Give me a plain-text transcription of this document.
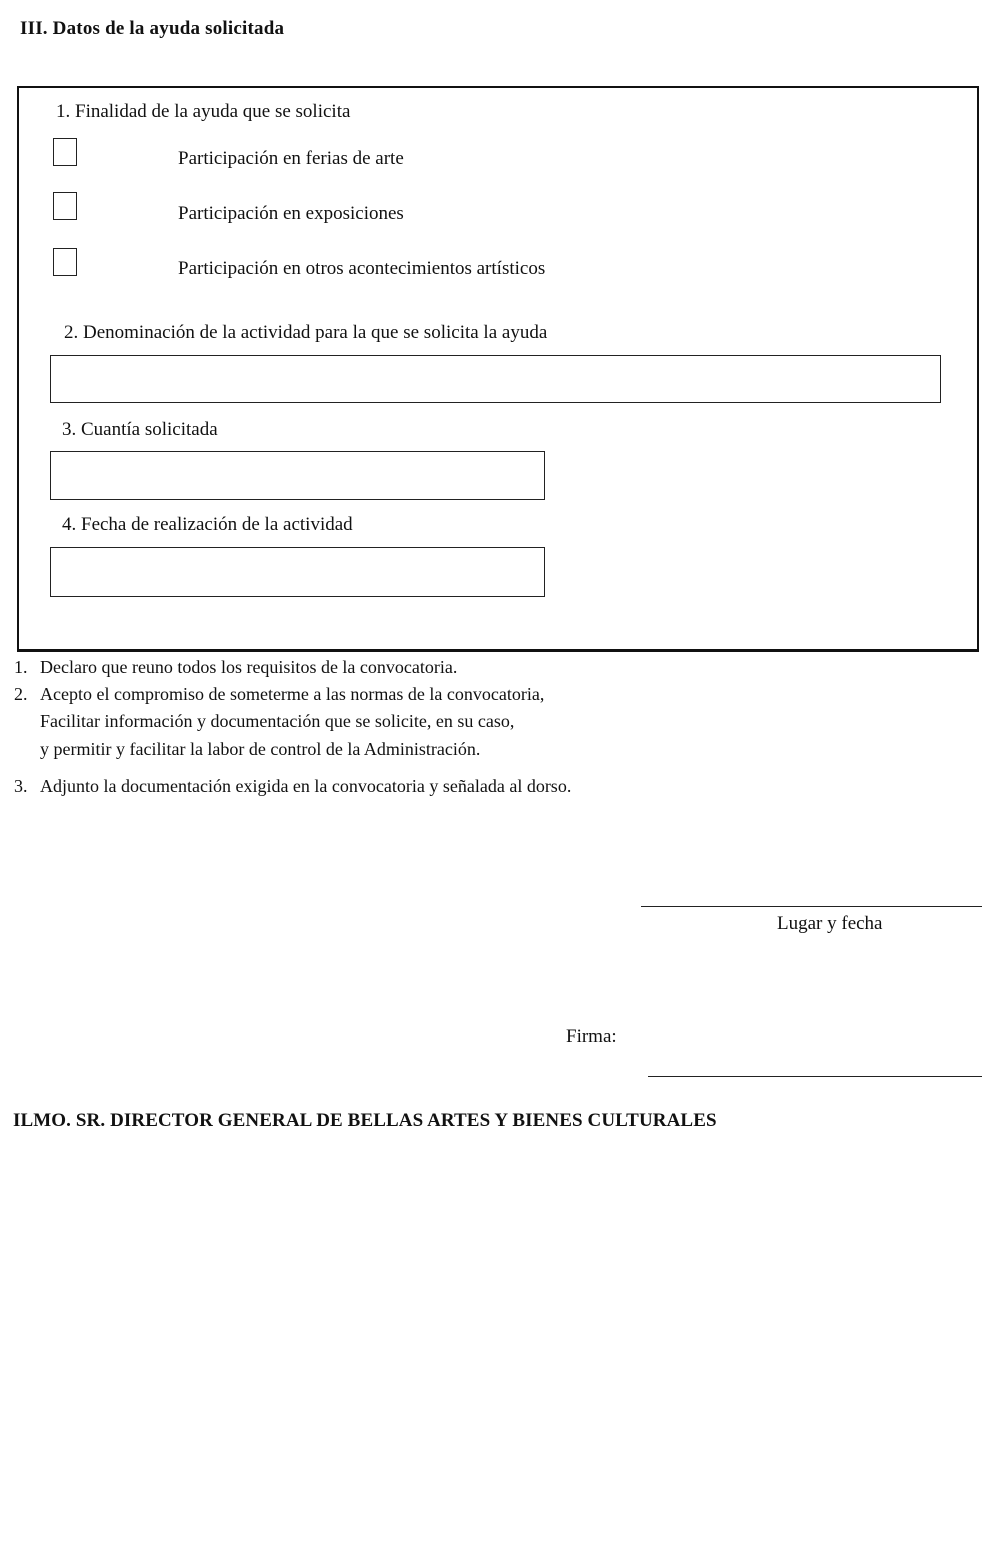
III. Datos de la ayuda solicitada
1. Finalidad de la ayuda que se solicita
Participación en ferias de arte
Participación en exposiciones
Participación en otros acontecimientos artísticos
2. Denominación de la actividad para la que se solicita la ayuda
3. Cuantía solicitada
4. Fecha de realización de la actividad
1. Declaro que reuno todos los requisitos de la convocatoria.
2. Acepto el compromiso de someterme a las normas de la convocatoria,
Facilitar información y documentación que se solicite, en su caso,
y permitir y facilitar la labor de control de la Administración.
3. Adjunto la documentación exigida en la convocatoria y señalada al dorso.
Lugar y fecha
Firma:
ILMO. SR. DIRECTOR GENERAL DE BELLAS ARTES Y BIENES CULTURALES
